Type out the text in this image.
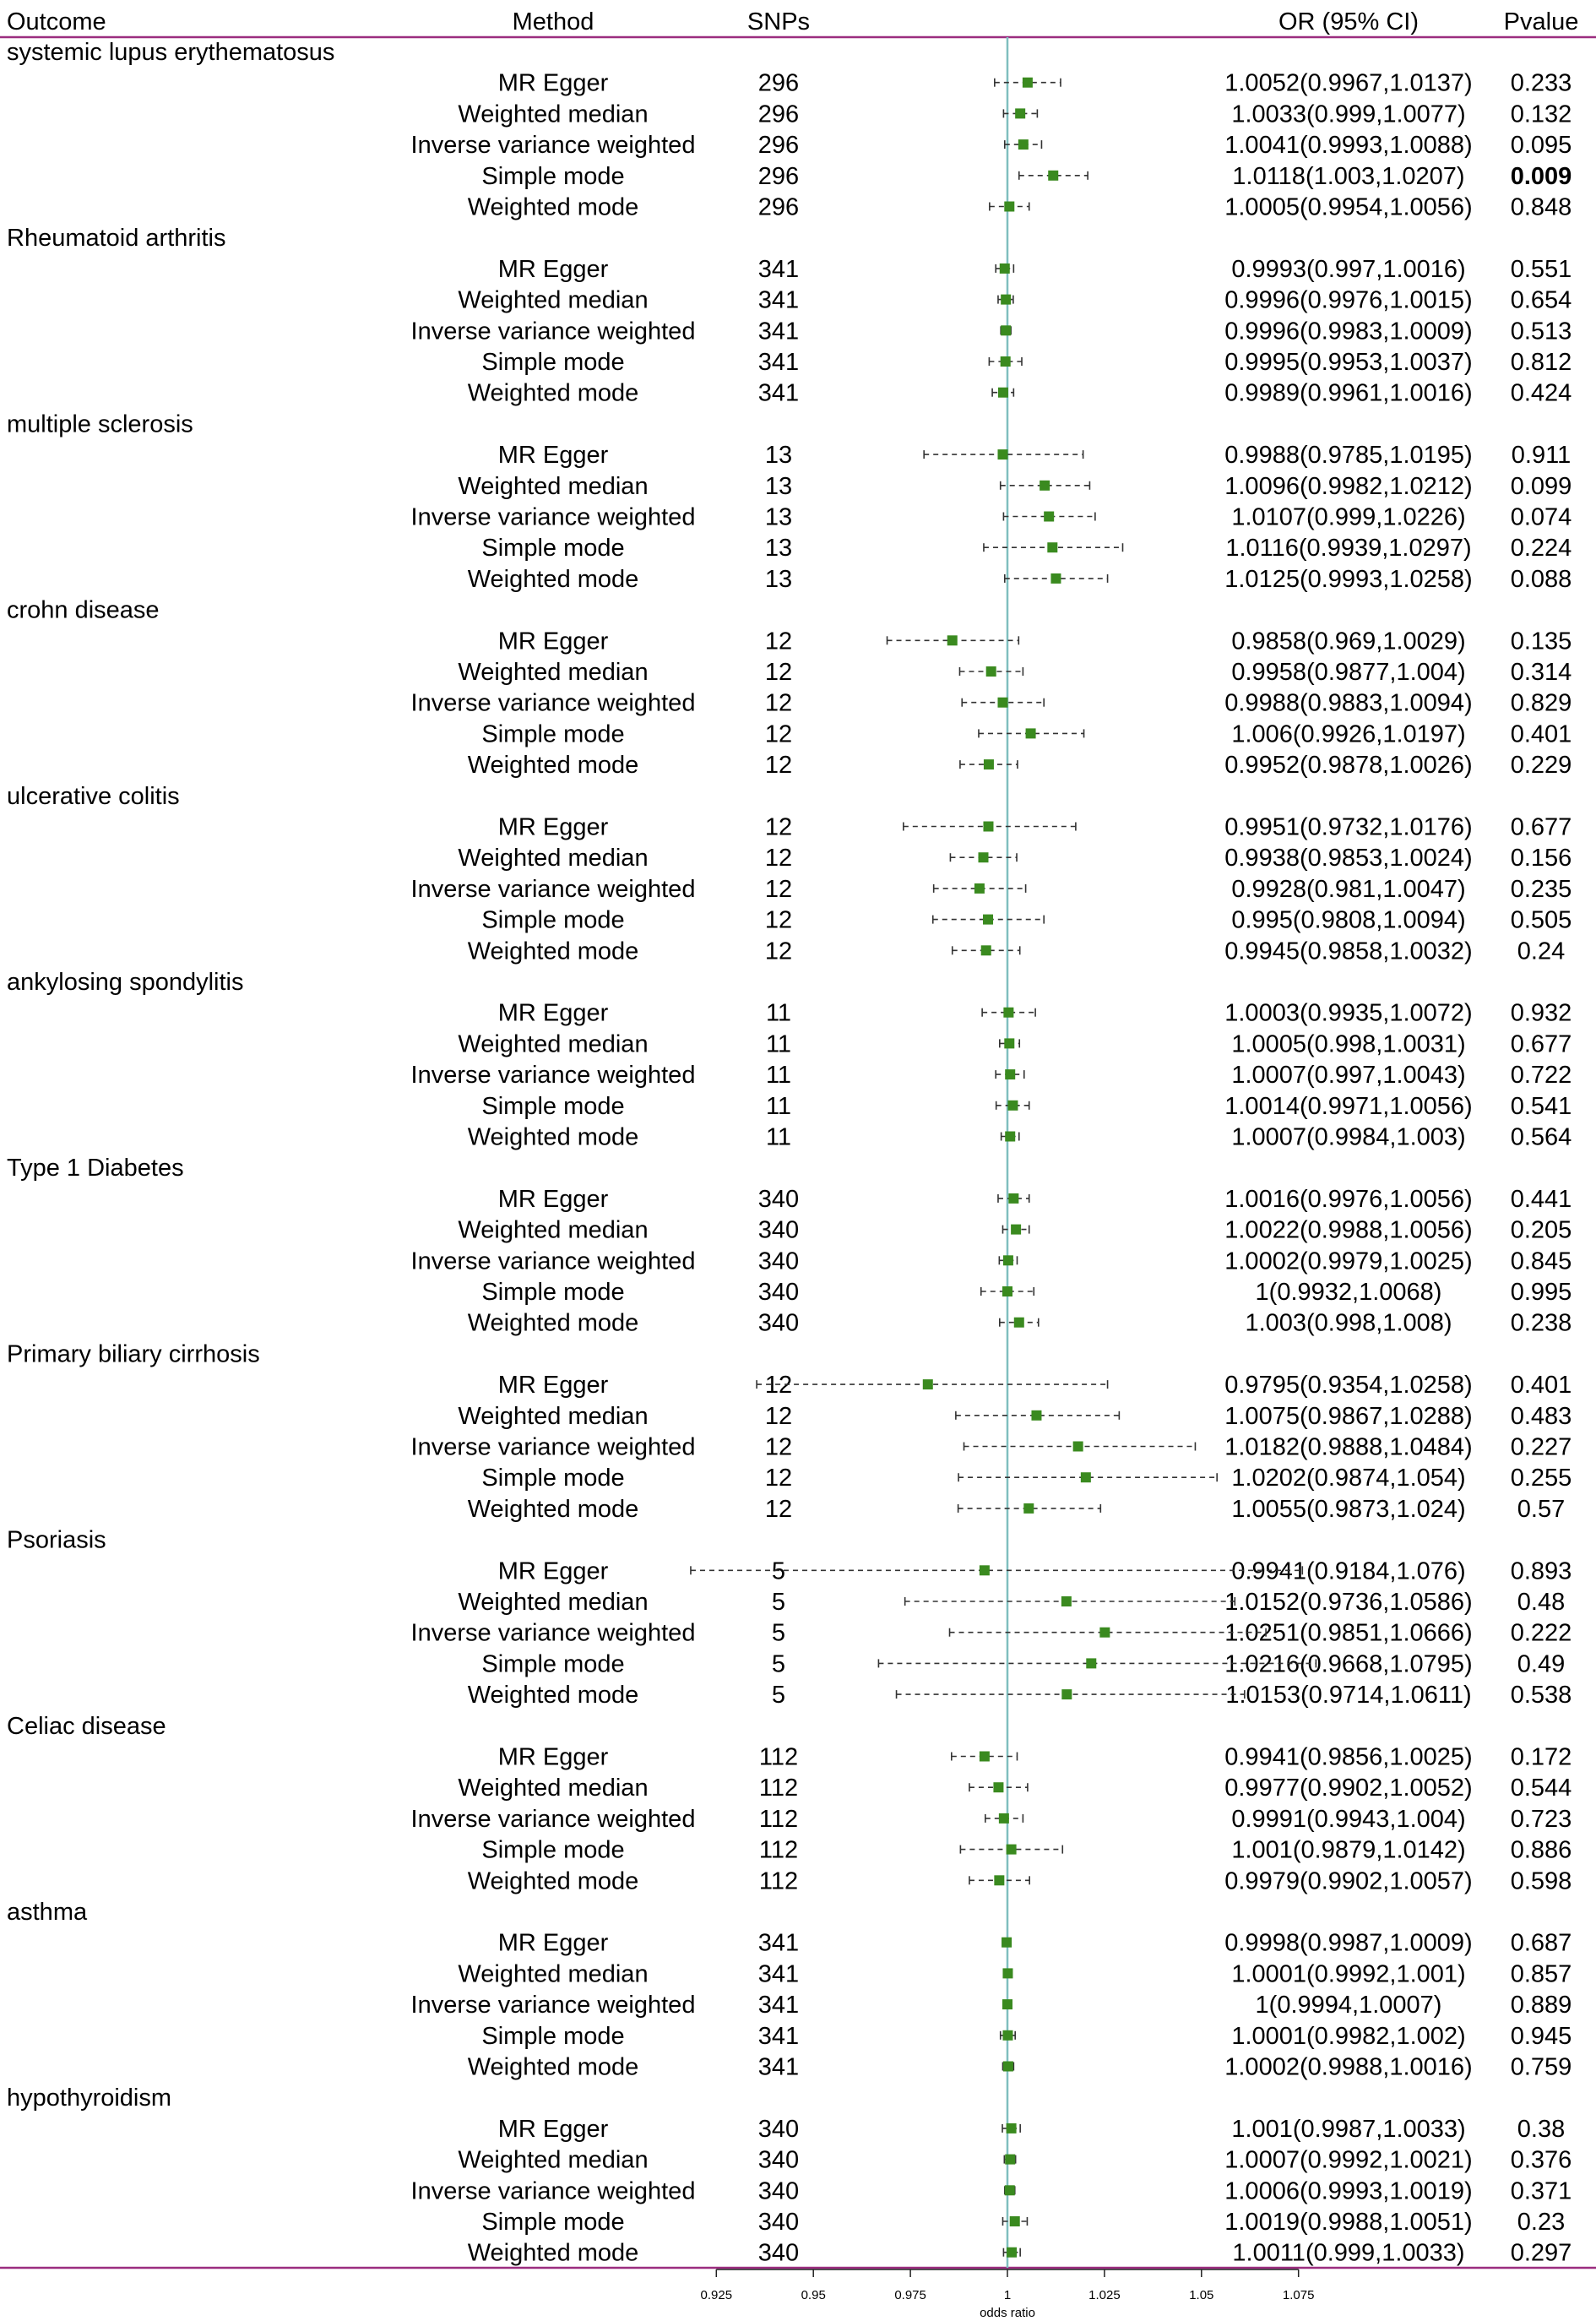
Outcome	Method	SNPs	OR (95% CI)	Pvalue
systemic lupus erythematosus
MR Egger	296	1.0052(0.9967,1.0137) 0.233
Weighted median	296	1.0033(0.999,1.0077) 0.132
Inverse variance weighted	296	1.0041(0.9993,1.0088) 0.095
Simple mode	296	1.0118(1.003,1.0207) 0.009
Weighted mode	296	1.0005(0.9954,1.0056) 0.848
Rheumatoid arthritis
MR Egger	341	0.9993(0.997,1.0016) 0.551
Weighted median	341	0.9996(0.9976,1.0015) 0.654
Inverse variance weighted	341	0.9996(0.9983,1.0009) 0.513
Simple mode	341	0.9995(0.9953,1.0037) 0.812
Weighted mode	341	0.9989(0.9961,1.0016) 0.424
multiple sclerosis
MR Egger	13	0.9988(0.9785,1.0195) 0.911
Weighted median	13	1.0096(0.9982,1.0212) 0.099
Inverse variance weighted	13	1.0107(0.999,1.0226) 0.074
Simple mode	13	1.0116(0.9939,1.0297) 0.224
Weighted mode	13	1.0125(0.9993,1.0258) 0.088
crohn disease
MR Egger	12	0.9858(0.969,1.0029) 0.135
Weighted median	12	0.9958(0.9877,1.004) 0.314
Inverse variance weighted	12	0.9988(0.9883,1.0094) 0.829
Simple mode	12	1.006(0.9926,1.0197) 0.401
Weighted mode	12	0.9952(0.9878,1.0026) 0.229
ulcerative colitis
MR Egger	12	0.9951(0.9732,1.0176) 0.677
Weighted median	12	0.9938(0.9853,1.0024) 0.156
Inverse variance weighted	12	0.9928(0.981,1.0047) 0.235
Simple mode	12	0.995(0.9808,1.0094) 0.505
Weighted mode	12	0.9945(0.9858,1.0032) 0.24
ankylosing spondylitis
MR Egger	11	1.0003(0.9935,1.0072) 0.932
Weighted median	11	1.0005(0.998,1.0031) 0.677
Inverse variance weighted	11	1.0007(0.997,1.0043) 0.722
Simple mode	11	1.0014(0.9971,1.0056) 0.541
Weighted mode	11	1.0007(0.9984,1.003) 0.564
Type 1 Diabetes
MR Egger	340	1.0016(0.9976,1.0056) 0.441
Weighted median	340	1.0022(0.9988,1.0056) 0.205
Inverse variance weighted	340	1.0002(0.9979,1.0025) 0.845
Simple mode	340	1(0.9932,1.0068)	0.995
Weighted mode	340	1.003(0.998,1.008) 0.238
Primary biliary cirrhosis
MR Egger	12	0.9795(0.9354,1.0258) 0.401
Weighted median	12	1.0075(0.9867,1.0288) 0.483
Inverse variance weighted	12	1.0182(0.9888,1.0484) 0.227
Simple mode	12	1.0202(0.9874,1.054) 0.255
Weighted mode	12	1.0055(0.9873,1.024) 0.57
Psoriasis
MR Egger	5	0.9941(0.9184,1.076) 0.893
Weighted median	5	1.0152(0.9736,1.0586) 0.48
Inverse variance weighted	5	1.0251(0.9851,1.0666) 0.222
Simple mode	5	1.0216(0.9668,1.0795) 0.49
Weighted mode	5	1.0153(0.9714,1.0611) 0.538
Celiac disease
MR Egger	112	0.9941(0.9856,1.0025) 0.172
Weighted median	112	0.9977(0.9902,1.0052) 0.544
Inverse variance weighted	112	0.9991(0.9943,1.004) 0.723
Simple mode	112	1.001(0.9879,1.0142) 0.886
Weighted mode	112	0.9979(0.9902,1.0057) 0.598
asthma
MR Egger	341	0.9998(0.9987,1.0009) 0.687
Weighted median	341	1.0001(0.9992,1.001) 0.857
Inverse variance weighted	341	1(0.9994,1.0007)	0.889
Simple mode	341	1.0001(0.9982,1.002) 0.945
Weighted mode	341	1.0002(0.9988,1.0016) 0.759
hypothyroidism
MR Egger	340	1.001(0.9987,1.0033) 0.38
Weighted median	340	1.0007(0.9992,1.0021) 0.376
Inverse variance weighted	340	1.0006(0.9993,1.0019) 0.371
Simple mode	340	1.0019(0.9988,1.0051) 0.23
Weighted mode	340	1.0011(0.999,1.0033) 0.297
0.925	0.95	0.975	1	1.025	1.05	1.075
odds ratio
